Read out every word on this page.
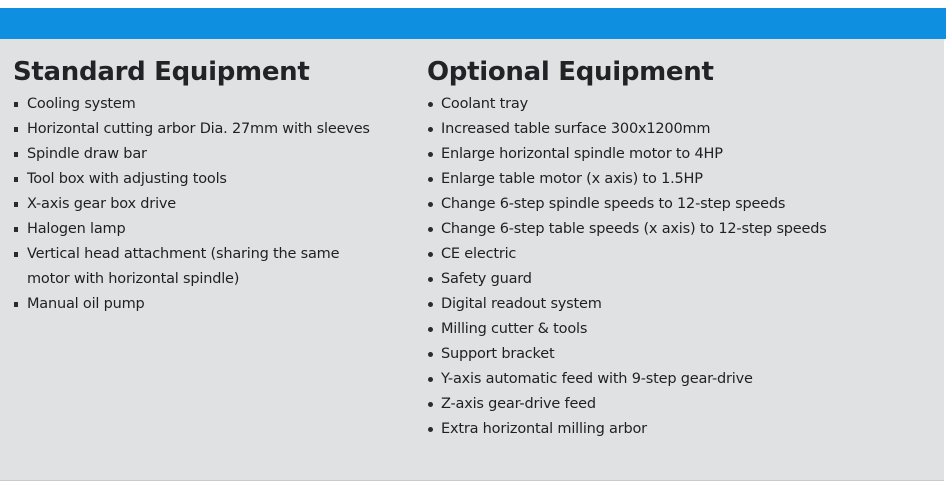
Standard Equipment
Cooling system
Horizontal cutting arbor Dia. 27mm with sleeves
Spindle draw bar
Tool box with adjusting tools
X-axis gear box drive
Halogen lamp
Vertical head attachment (sharing the same
motor with horizontal spindle)
Manual oil pump
Optional Equipment
Coolant tray
Increased table surface 300x1200mm
Enlarge horizontal spindle motor to 4HP
Enlarge table motor (x axis) to 1.5HP
Change 6-step spindle speeds to 12-step speeds
Change 6-step table speeds (x axis) to 12-step speeds
CE electric
Safety guard
Digital readout system
Milling cutter & tools
Support bracket
Y-axis automatic feed with 9-step gear-drive
Z-axis gear-drive feed
Extra horizontal milling arbor
